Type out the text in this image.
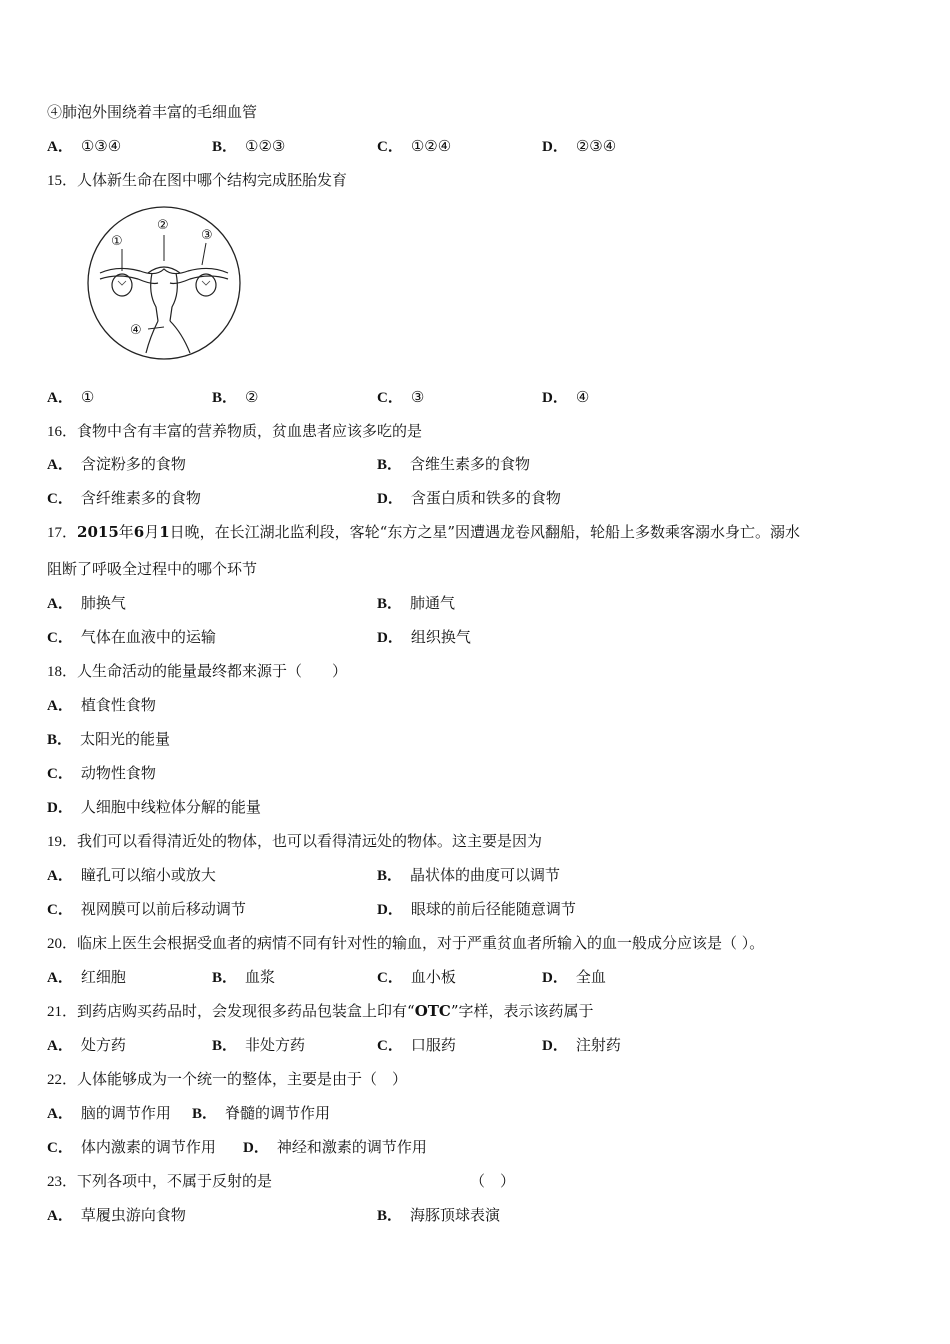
④肺泡外围绕着丰富的毛细血管
A． ①③④	B． ①②③	C． ①②④	D． ②③④
15．人体新生命在图中哪个结构完成胚胎发育
①
②
③
④
A． ①	B． ②	C． ③	D． ④
16．食物中含有丰富的营养物质，贫血患者应该多吃的是
A． 含淀粉多的食物	B． 含维生素多的食物
C． 含纤维素多的食物	D． 含蛋白质和铁多的食物
17．2015年6月1日晚，在长江湖北监利段，客轮“东方之星”因遭遇龙卷风翻船，轮船上多数乘客溺水身亡。溺水
阻断了呼吸全过程中的哪个环节
A． 肺换气	B． 肺通气
C． 气体在血液中的运输	D． 组织换气
18．人生命活动的能量最终都来源于（　　）
A． 植食性食物
B． 太阳光的能量
C． 动物性食物
D． 人细胞中线粒体分解的能量
19．我们可以看得清近处的物体，也可以看得清远处的物体。这主要是因为
A． 瞳孔可以缩小或放大	B． 晶状体的曲度可以调节
C． 视网膜可以前后移动调节	D． 眼球的前后径能随意调节
20．临床上医生会根据受血者的病情不同有针对性的输血，对于严重贫血者所输入的血一般成分应该是（ ）。
A． 红细胞	B． 血浆	C． 血小板	D． 全血
21．到药店购买药品时，会发现很多药品包装盒上印有“OTC”字样，表示该药属于
A． 处方药	B． 非处方药	C． 口服药	D． 注射药
22．人体能够成为一个统一的整体，主要是由于（　）
A． 脑的调节作用 B． 脊髓的调节作用
C． 体内激素的调节作用 D． 神经和激素的调节作用
23．下列各项中，不属于反射的是	（　）
A． 草履虫游向食物	B． 海豚顶球表演
